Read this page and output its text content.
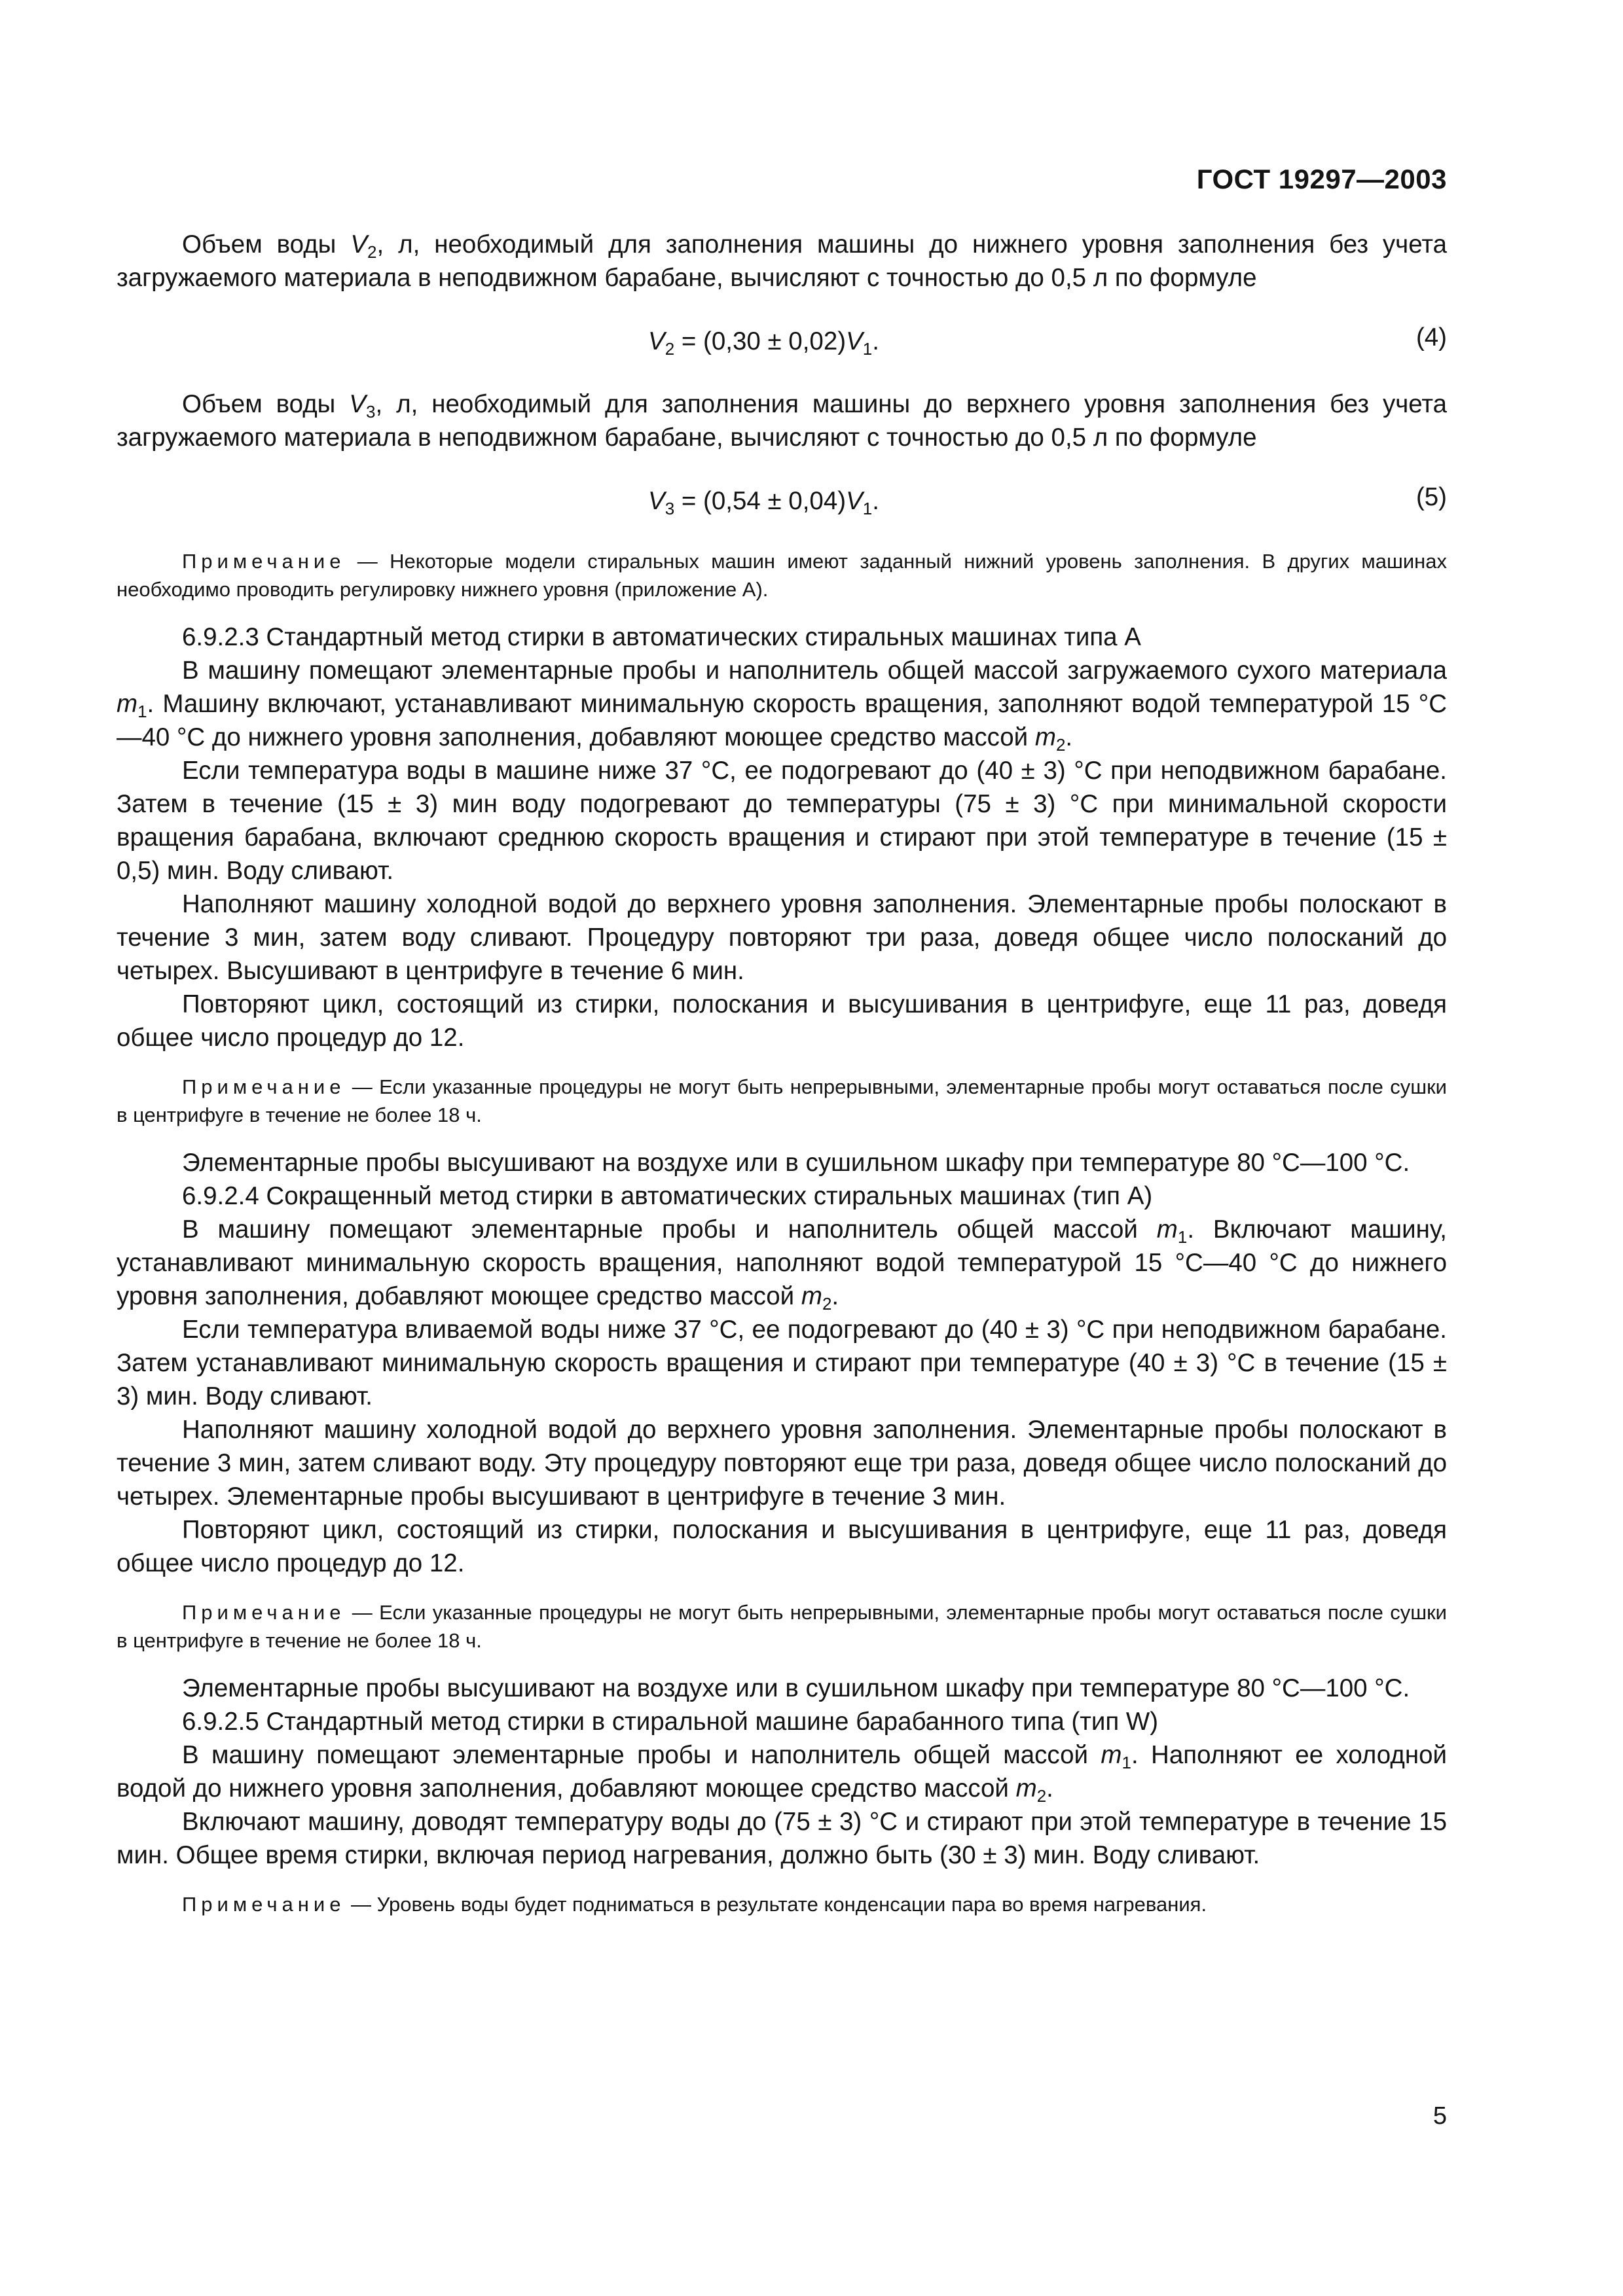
ГОСТ 19297—2003

Объем воды $V_2$, л, необходимый для заполнения машины до нижнего уровня заполнения без учета загружаемого материала в неподвижном барабане, вычисляют с точностью до 0,5 л по формуле

$V_2 = (0,30 \pm 0,02)V_1$.	(4)

Объем воды $V_3$, л, необходимый для заполнения машины до верхнего уровня заполнения без учета загружаемого материала в неподвижном барабане, вычисляют с точностью до 0,5 л по формуле

$V_3 = (0,54 \pm 0,04)V_1$.	(5)
Примечание — Некоторые модели стиральных машин имеют заданный нижний уровень заполнения. В других машинах необходимо проводить регулировку нижнего уровня (приложение А).

6.9.2.3 Стандартный метод стирки в автоматических стиральных машинах типа А

В машину помещают элементарные пробы и наполнитель общей массой загружаемого сухого материала $m_1$. Машину включают, устанавливают минимальную скорость вращения, заполняют водой температурой 15 °С—40 °С до нижнего уровня заполнения, добавляют моющее средство массой $m_2$.

Если температура воды в машине ниже 37 °С, ее подогревают до (40 ± 3) °С при неподвижном барабане. Затем в течение (15 ± 3) мин воду подогревают до температуры (75 ± 3) °С при минимальной скорости вращения барабана, включают среднюю скорость вращения и стирают при этой температуре в течение (15 ± 0,5) мин. Воду сливают.

Наполняют машину холодной водой до верхнего уровня заполнения. Элементарные пробы полоскают в течение 3 мин, затем воду сливают. Процедуру повторяют три раза, доведя общее число полосканий до четырех. Высушивают в центрифуге в течение 6 мин.

Повторяют цикл, состоящий из стирки, полоскания и высушивания в центрифуге, еще 11 раз, доведя общее число процедур до 12.

Примечание — Если указанные процедуры не могут быть непрерывными, элементарные пробы могут оставаться после сушки в центрифуге в течение не более 18 ч.

Элементарные пробы высушивают на воздухе или в сушильном шкафу при температуре 80 °С—100 °С.

6.9.2.4 Сокращенный метод стирки в автоматических стиральных машинах (тип А)

В машину помещают элементарные пробы и наполнитель общей массой $m_1$. Включают машину, устанавливают минимальную скорость вращения, наполняют водой температурой 15 °С—40 °С до нижнего уровня заполнения, добавляют моющее средство массой $m_2$.

Если температура вливаемой воды ниже 37 °С, ее подогревают до (40 ± 3) °С при неподвижном барабане. Затем устанавливают минимальную скорость вращения и стирают при температуре (40 ± 3) °С в течение (15 ± 3) мин. Воду сливают.

Наполняют машину холодной водой до верхнего уровня заполнения. Элементарные пробы полоскают в течение 3 мин, затем сливают воду. Эту процедуру повторяют еще три раза, доведя общее число полосканий до четырех. Элементарные пробы высушивают в центрифуге в течение 3 мин.

Повторяют цикл, состоящий из стирки, полоскания и высушивания в центрифуге, еще 11 раз, доведя общее число процедур до 12.

Примечание — Если указанные процедуры не могут быть непрерывными, элементарные пробы могут оставаться после сушки в центрифуге в течение не более 18 ч.

Элементарные пробы высушивают на воздухе или в сушильном шкафу при температуре 80 °С—100 °С.

6.9.2.5 Стандартный метод стирки в стиральной машине барабанного типа (тип W)

В машину помещают элементарные пробы и наполнитель общей массой $m_1$. Наполняют ее холодной водой до нижнего уровня заполнения, добавляют моющее средство массой $m_2$.

Включают машину, доводят температуру воды до (75 ± 3) °С и стирают при этой температуре в течение 15 мин. Общее время стирки, включая период нагревания, должно быть (30 ± 3) мин. Воду сливают.

Примечание — Уровень воды будет подниматься в результате конденсации пара во время нагревания.
5
